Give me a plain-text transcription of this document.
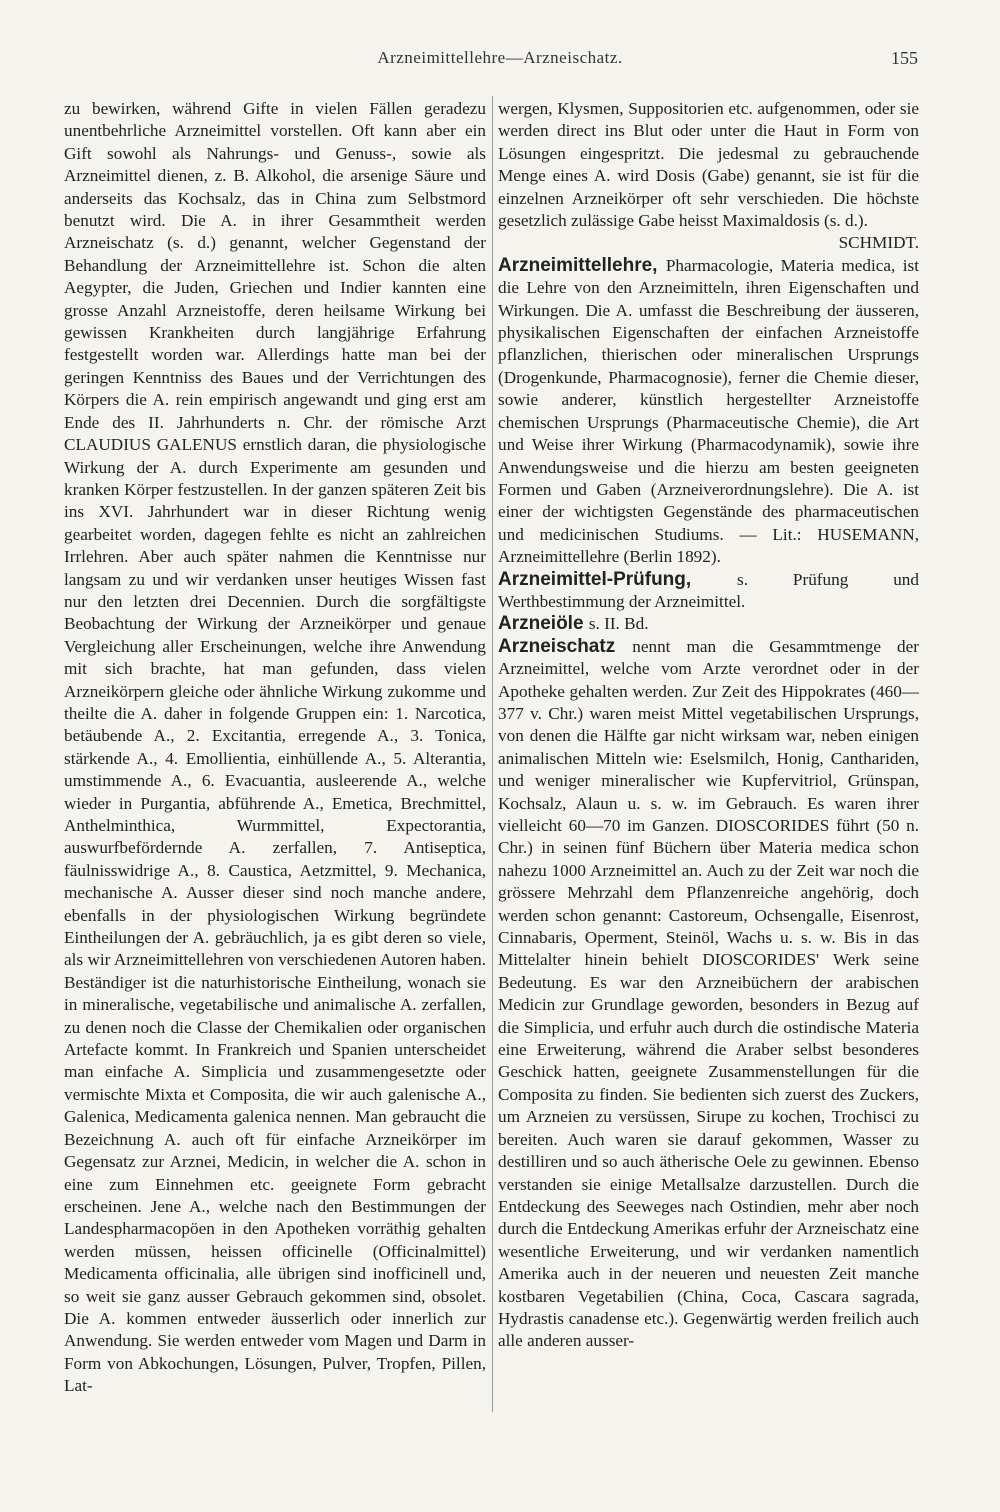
Arzneimittellehre—Arzneischatz.	155

zu bewirken, während Gifte in vielen Fällen geradezu unentbehrliche Arzneimittel vorstellen. Oft kann aber ein Gift sowohl als Nahrungs- und Genuss-, sowie als Arzneimittel dienen, z. B. Alkohol, die arsenige Säure und anderseits das Kochsalz, das in China zum Selbstmord benutzt wird. Die A. in ihrer Gesammtheit werden Arzneischatz (s. d.) genannt, welcher Gegenstand der Behandlung der Arzneimittellehre ist. Schon die alten Aegypter, die Juden, Griechen und Indier kannten eine grosse Anzahl Arzneistoffe, deren heilsame Wirkung bei gewissen Krankheiten durch langjährige Erfahrung festgestellt worden war. Allerdings hatte man bei der geringen Kenntniss des Baues und der Verrichtungen des Körpers die A. rein empirisch angewandt und ging erst am Ende des II. Jahrhunderts n. Chr. der römische Arzt CLAUDIUS GALENUS ernstlich daran, die physiologische Wirkung der A. durch Experimente am gesunden und kranken Körper festzustellen. In der ganzen späteren Zeit bis ins XVI. Jahrhundert war in dieser Richtung wenig gearbeitet worden, dagegen fehlte es nicht an zahlreichen Irrlehren. Aber auch später nahmen die Kenntnisse nur langsam zu und wir verdanken unser heutiges Wissen fast nur den letzten drei Decennien. Durch die sorgfältigste Beobachtung der Wirkung der Arzneikörper und genaue Vergleichung aller Erscheinungen, welche ihre Anwendung mit sich brachte, hat man gefunden, dass vielen Arzneikörpern gleiche oder ähnliche Wirkung zukomme und theilte die A. daher in folgende Gruppen ein: 1. Narcotica, betäubende A., 2. Excitantia, erregende A., 3. Tonica, stärkende A., 4. Emollientia, einhüllende A., 5. Alterantia, umstimmende A., 6. Evacuantia, ausleerende A., welche wieder in Purgantia, abführende A., Emetica, Brechmittel, Anthelminthica, Wurmmittel, Expectorantia, auswurfbefördernde A. zerfallen, 7. Antiseptica, fäulnisswidrige A., 8. Caustica, Aetzmittel, 9. Mechanica, mechanische A. Ausser dieser sind noch manche andere, ebenfalls in der physiologischen Wirkung begründete Eintheilungen der A. gebräuchlich, ja es gibt deren so viele, als wir Arzneimittellehren von verschiedenen Autoren haben. Beständiger ist die naturhistorische Eintheilung, wonach sie in mineralische, vegetabilische und animalische A. zerfallen, zu denen noch die Classe der Chemikalien oder organischen Artefacte kommt. In Frankreich und Spanien unterscheidet man einfache A. Simplicia und zusammengesetzte oder vermischte Mixta et Composita, die wir auch galenische A., Galenica, Medicamenta galenica nennen. Man gebraucht die Bezeichnung A. auch oft für einfache Arzneikörper im Gegensatz zur Arznei, Medicin, in welcher die A. schon in eine zum Einnehmen etc. geeignete Form gebracht erscheinen. Jene A., welche nach den Bestimmungen der Landespharmacopöen in den Apotheken vorräthig gehalten werden müssen, heissen officinelle (Officinalmittel) Medicamenta officinalia, alle übrigen sind inofficinell und, so weit sie ganz ausser Gebrauch gekommen sind, obsolet. Die A. kommen entweder äusserlich oder innerlich zur Anwendung. Sie werden entweder vom Magen und Darm in Form von Abkochungen, Lösungen, Pulver, Tropfen, Pillen, Lat-

wergen, Klysmen, Suppositorien etc. aufgenommen, oder sie werden direct ins Blut oder unter die Haut in Form von Lösungen eingespritzt. Die jedesmal zu gebrauchende Menge eines A. wird Dosis (Gabe) genannt, sie ist für die einzelnen Arzneikörper oft sehr verschieden. Die höchste gesetzlich zulässige Gabe heisst Maximaldosis (s. d.).

SCHMIDT.

Arzneimittellehre, Pharmacologie, Materia medica, ist die Lehre von den Arzneimitteln, ihren Eigenschaften und Wirkungen. Die A. umfasst die Beschreibung der äusseren, physikalischen Eigenschaften der einfachen Arzneistoffe pflanzlichen, thierischen oder mineralischen Ursprungs (Drogenkunde, Pharmacognosie), ferner die Chemie dieser, sowie anderer, künstlich hergestellter Arzneistoffe chemischen Ursprungs (Pharmaceutische Chemie), die Art und Weise ihrer Wirkung (Pharmacodynamik), sowie ihre Anwendungsweise und die hierzu am besten geeigneten Formen und Gaben (Arzneiverordnungslehre). Die A. ist einer der wichtigsten Gegenstände des pharmaceutischen und medicinischen Studiums. — Lit.: HUSEMANN, Arzneimittellehre (Berlin 1892).

Arzneimittel-Prüfung, s. Prüfung und Werthbestimmung der Arzneimittel.

Arzneiöle s. II. Bd.

Arzneischatz nennt man die Gesammtmenge der Arzneimittel, welche vom Arzte verordnet oder in der Apotheke gehalten werden. Zur Zeit des Hippokrates (460—377 v. Chr.) waren meist Mittel vegetabilischen Ursprungs, von denen die Hälfte gar nicht wirksam war, neben einigen animalischen Mitteln wie: Eselsmilch, Honig, Canthariden, und weniger mineralischer wie Kupfervitriol, Grünspan, Kochsalz, Alaun u. s. w. im Gebrauch. Es waren ihrer vielleicht 60—70 im Ganzen. DIOSCORIDES führt (50 n. Chr.) in seinen fünf Büchern über Materia medica schon nahezu 1000 Arzneimittel an. Auch zu der Zeit war noch die grössere Mehrzahl dem Pflanzenreiche angehörig, doch werden schon genannt: Castoreum, Ochsengalle, Eisenrost, Cinnabaris, Operment, Steinöl, Wachs u. s. w. Bis in das Mittelalter hinein behielt DIOSCORIDES' Werk seine Bedeutung. Es war den Arzneibüchern der arabischen Medicin zur Grundlage geworden, besonders in Bezug auf die Simplicia, und erfuhr auch durch die ostindische Materia eine Erweiterung, während die Araber selbst besonderes Geschick hatten, geeignete Zusammenstellungen für die Composita zu finden. Sie bedienten sich zuerst des Zuckers, um Arzneien zu versüssen, Sirupe zu kochen, Trochisci zu bereiten. Auch waren sie darauf gekommen, Wasser zu destilliren und so auch ätherische Oele zu gewinnen. Ebenso verstanden sie einige Metallsalze darzustellen. Durch die Entdeckung des Seeweges nach Ostindien, mehr aber noch durch die Entdeckung Amerikas erfuhr der Arzneischatz eine wesentliche Erweiterung, und wir verdanken namentlich Amerika auch in der neueren und neuesten Zeit manche kostbaren Vegetabilien (China, Coca, Cascara sagrada, Hydrastis canadense etc.). Gegenwärtig werden freilich auch alle anderen ausser-
